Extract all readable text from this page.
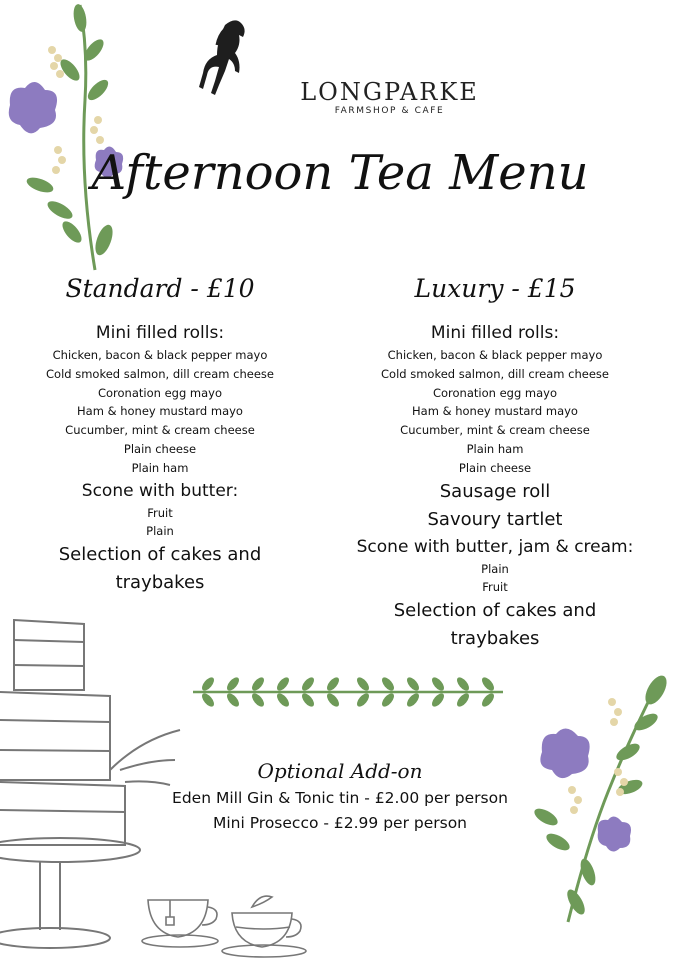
LONGPARKE
FARMSHOP & CAFE
Afternoon Tea Menu
Standard - £10

Mini filled rolls:

Chicken, bacon & black pepper mayo

Cold smoked salmon, dill cream cheese

Coronation egg mayo

Ham & honey mustard mayo

Cucumber, mint & cream cheese

Plain cheese

Plain ham

Scone with butter:

Fruit

Plain

Selection of cakes and

traybakes

Luxury - £15

Mini filled rolls:

Chicken, bacon & black pepper mayo

Cold smoked salmon, dill cream cheese

Coronation egg mayo

Ham & honey mustard mayo

Cucumber, mint & cream cheese

Plain ham

Plain cheese

Sausage roll

Savoury tartlet

Scone with butter, jam & cream:

Plain

Fruit

Selection of cakes and

traybakes

Optional Add-on
Eden Mill Gin & Tonic tin - £2.00 per person
Mini Prosecco - £2.99 per person
